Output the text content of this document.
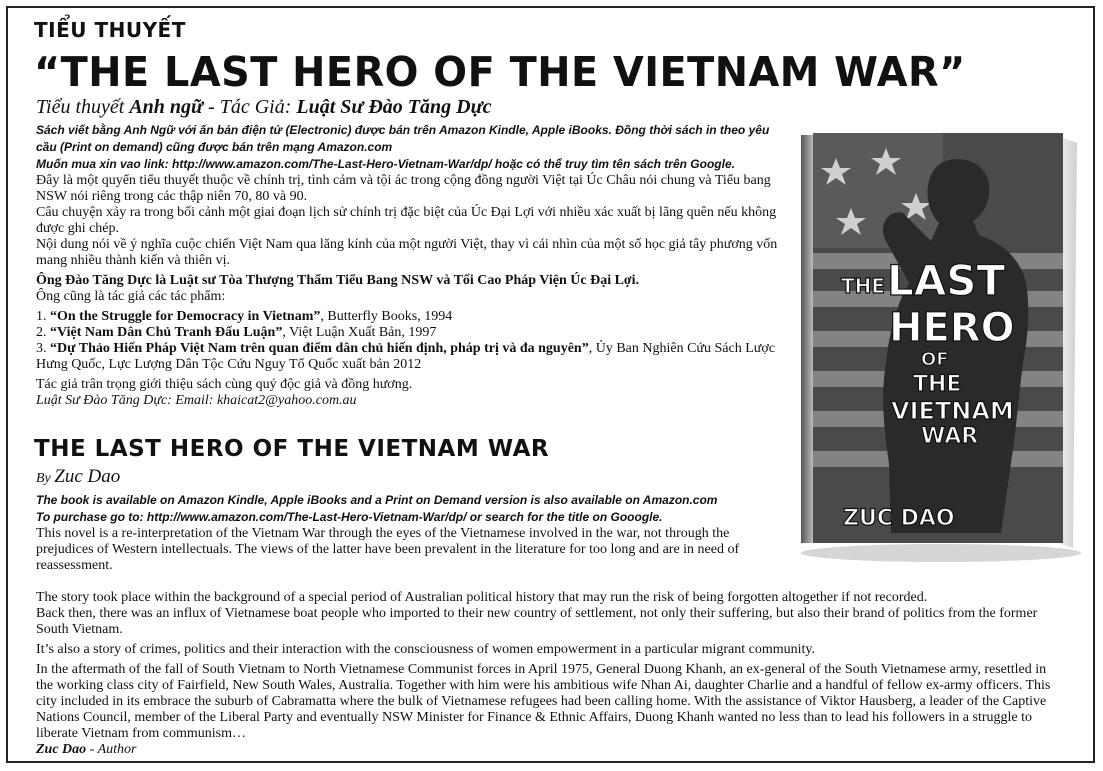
TIỂU THUYẾT
“THE LAST HERO OF THE VIETNAM WAR”
Tiểu thuyết Anh ngữ - Tác Giả: Luật Sư Đào Tăng Dực
Sách viết bằng Anh Ngữ với ấn bản điện tử (Electronic) được bán trên Amazon Kindle, Apple iBooks. Đồng thời sách in theo yêu cầu (Print on demand) cũng được bán trên mạng Amazon.com
Muốn mua xin vao link: http://www.amazon.com/The-Last-Hero-Vietnam-War/dp/ hoặc có thể truy tìm tên sách trên Google.
Đây là một quyển tiểu thuyết thuộc về chính trị, tình cảm và tội ác trong cộng đồng người Việt tại Úc Châu nói chung và Tiểu bang NSW nói riêng trong các thập niên 70, 80 và 90.
Câu chuyện xảy ra trong bối cảnh một giai đoạn lịch sử chính trị đặc biệt của Úc Đại Lợi với nhiều xác xuất bị lãng quên nếu không được ghi chép.
Nội dung nói về ý nghĩa cuộc chiến Việt Nam qua lăng kính của một người Việt, thay vì cái nhìn của một số học giả tây phương vốn mang nhiều thành kiến và thiên vị.
Ông Đào Tăng Dực là Luật sư Tòa Thượng Thẩm Tiểu Bang NSW và Tối Cao Pháp Viện Úc Đại Lợi.
Ông cũng là tác giả các tác phẩm:
1. “On the Struggle for Democracy in Vietnam”, Butterfly Books, 1994
2. “Việt Nam Dân Chủ Tranh Đấu Luận”, Việt Luận Xuất Bản, 1997
3. “Dự Thảo Hiến Pháp Việt Nam trên quan điểm dân chủ hiến định, pháp trị và đa nguyên”, Ủy Ban Nghiên Cứu Sách Lược Hưng Quốc, Lực Lượng Dân Tộc Cứu Nguy Tổ Quốc xuất bản 2012
Tác giả trân trọng giới thiệu sách cùng quý độc giả và đồng hương.
Luật Sư Đào Tăng Dực: Email: khaicat2@yahoo.com.au
THE LAST
HERO
OF
THE
VIETNAM
WAR
ZUC DAO
THE LAST HERO OF THE VIETNAM WAR
By Zuc Dao
The book is available on Amazon Kindle, Apple iBooks and a Print on Demand version is also available on Amazon.com
To purchase go to: http://www.amazon.com/The-Last-Hero-Vietnam-War/dp/ or search for the title on Gooogle.
This novel is a re-interpretation of the Vietnam War through the eyes of the Vietnamese involved in the war, not through the prejudices of Western intellectuals. The views of the latter have been prevalent in the literature for too long and are in need of reassessment.
The story took place within the background of a special period of Australian political history that may run the risk of being forgotten altogether if not recorded.
Back then, there was an influx of Vietnamese boat people who imported to their new country of settlement, not only their suffering, but also their brand of politics from the former South Vietnam.
It’s also a story of crimes, politics and their interaction with the consciousness of women empowerment in a particular migrant community.
In the aftermath of the fall of South Vietnam to North Vietnamese Communist forces in April 1975, General Duong Khanh, an ex-general of the South Vietnamese army, resettled in the working class city of Fairfield, New South Wales, Australia. Together with him were his ambitious wife Nhan Ai, daughter Charlie and a handful of fellow ex-army officers. This city included in its embrace the suburb of Cabramatta where the bulk of Vietnamese refugees had been calling home. With the assistance of Viktor Hausberg, a leader of the Captive Nations Council, member of the Liberal Party and eventually NSW Minister for Finance & Ethnic Affairs, Duong Khanh wanted no less than to lead his followers in a struggle to liberate Vietnam from communism…
Zuc Dao - Author
